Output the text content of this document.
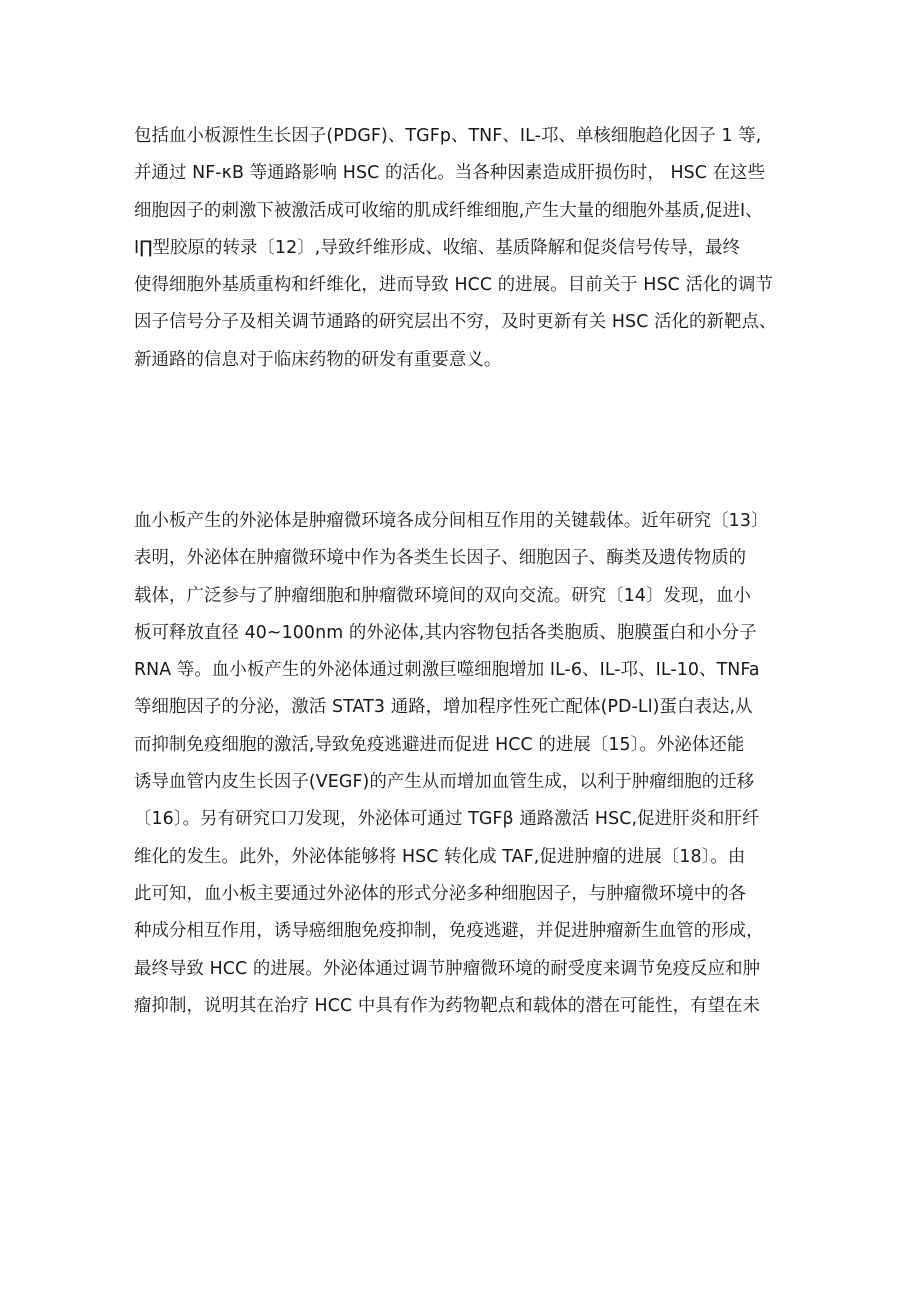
包括血小板源性生长因子(PDGF)、TGFp、TNF、IL-邛、单核细胞趋化因子 1 等,
并通过 NF-κB 等通路影响 HSC 的活化。当各种因素造成肝损伤时， HSC 在这些
细胞因子的刺激下被激活成可收缩的肌成纤维细胞,产生大量的细胞外基质,促进I、
I∏型胶原的转录〔12〕,导致纤维形成、收缩、基质降解和促炎信号传导，最终
使得细胞外基质重构和纤维化，进而导致 HCC 的进展。目前关于 HSC 活化的调节
因子信号分子及相关调节通路的研究层出不穷，及时更新有关 HSC 活化的新靶点、
新通路的信息对于临床药物的研发有重要意义。
血小板产生的外泌体是肿瘤微环境各成分间相互作用的关键载体。近年研究〔13〕
表明，外泌体在肿瘤微环境中作为各类生长因子、细胞因子、酶类及遗传物质的
载体，广泛参与了肿瘤细胞和肿瘤微环境间的双向交流。研究〔14〕发现，血小
板可释放直径 40~100nm 的外泌体,其内容物包括各类胞质、胞膜蛋白和小分子
RNA 等。血小板产生的外泌体通过刺激巨噬细胞增加 IL-6、IL-邛、IL-10、TNFa
等细胞因子的分泌，激活 STAT3 通路，增加程序性死亡配体(PD-Ll)蛋白表达,从
而抑制免疫细胞的激活,导致免疫逃避进而促进 HCC 的进展〔15〕。外泌体还能
诱导血管内皮生长因子(VEGF)的产生从而增加血管生成，以利于肿瘤细胞的迁移
〔16〕。另有研究口刀发现，外泌体可通过 TGFβ 通路激活 HSC,促进肝炎和肝纤
维化的发生。此外，外泌体能够将 HSC 转化成 TAF,促进肿瘤的进展〔18〕。由
此可知，血小板主要通过外泌体的形式分泌多种细胞因子，与肿瘤微环境中的各
种成分相互作用，诱导癌细胞免疫抑制，免疫逃避，并促进肿瘤新生血管的形成，
最终导致 HCC 的进展。外泌体通过调节肿瘤微环境的耐受度来调节免疫反应和肿
瘤抑制，说明其在治疗 HCC 中具有作为药物靶点和载体的潜在可能性，有望在未
